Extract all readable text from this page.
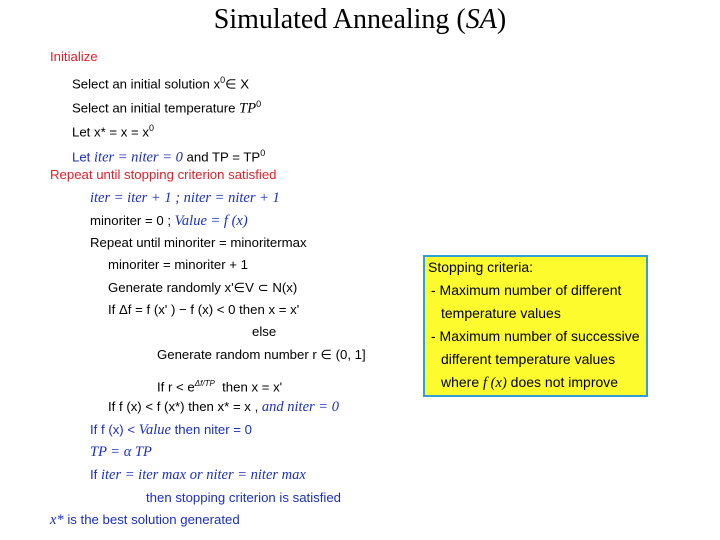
Simulated Annealing (SA)
Initialize
Select an initial solution $x^0\in$ X
Select an initial temperature $TP^0$
Let $x* = x = x^0$
Let iter = niter = 0 and TP = $TP^0$
Repeat until stopping criterion satisfied
iter = iter + 1 ; niter = niter + 1
minoriter = 0 ; Value = f (x)
Repeat until minoriter = minoritermax
minoriter = minoriter + 1
Generate randomly x'∈V ⊂ N(x)
If Δf = f (x' ) − f (x) < 0 then x = x'
else
Generate random number r ∈ (0, 1]
If $r < e^{\Delta f/TP}$ then x = x'
If f (x) < f (x*) then x* = x , and niter = 0
If f (x) < Value then niter = 0
TP = α TP
If iter = iter max or niter = niter max
then stopping criterion is satisfied
x* is the best solution generated
Stopping criteria:
- Maximum number of different
temperature values
- Maximum number of successive
different temperature values
where f (x) does not improve
